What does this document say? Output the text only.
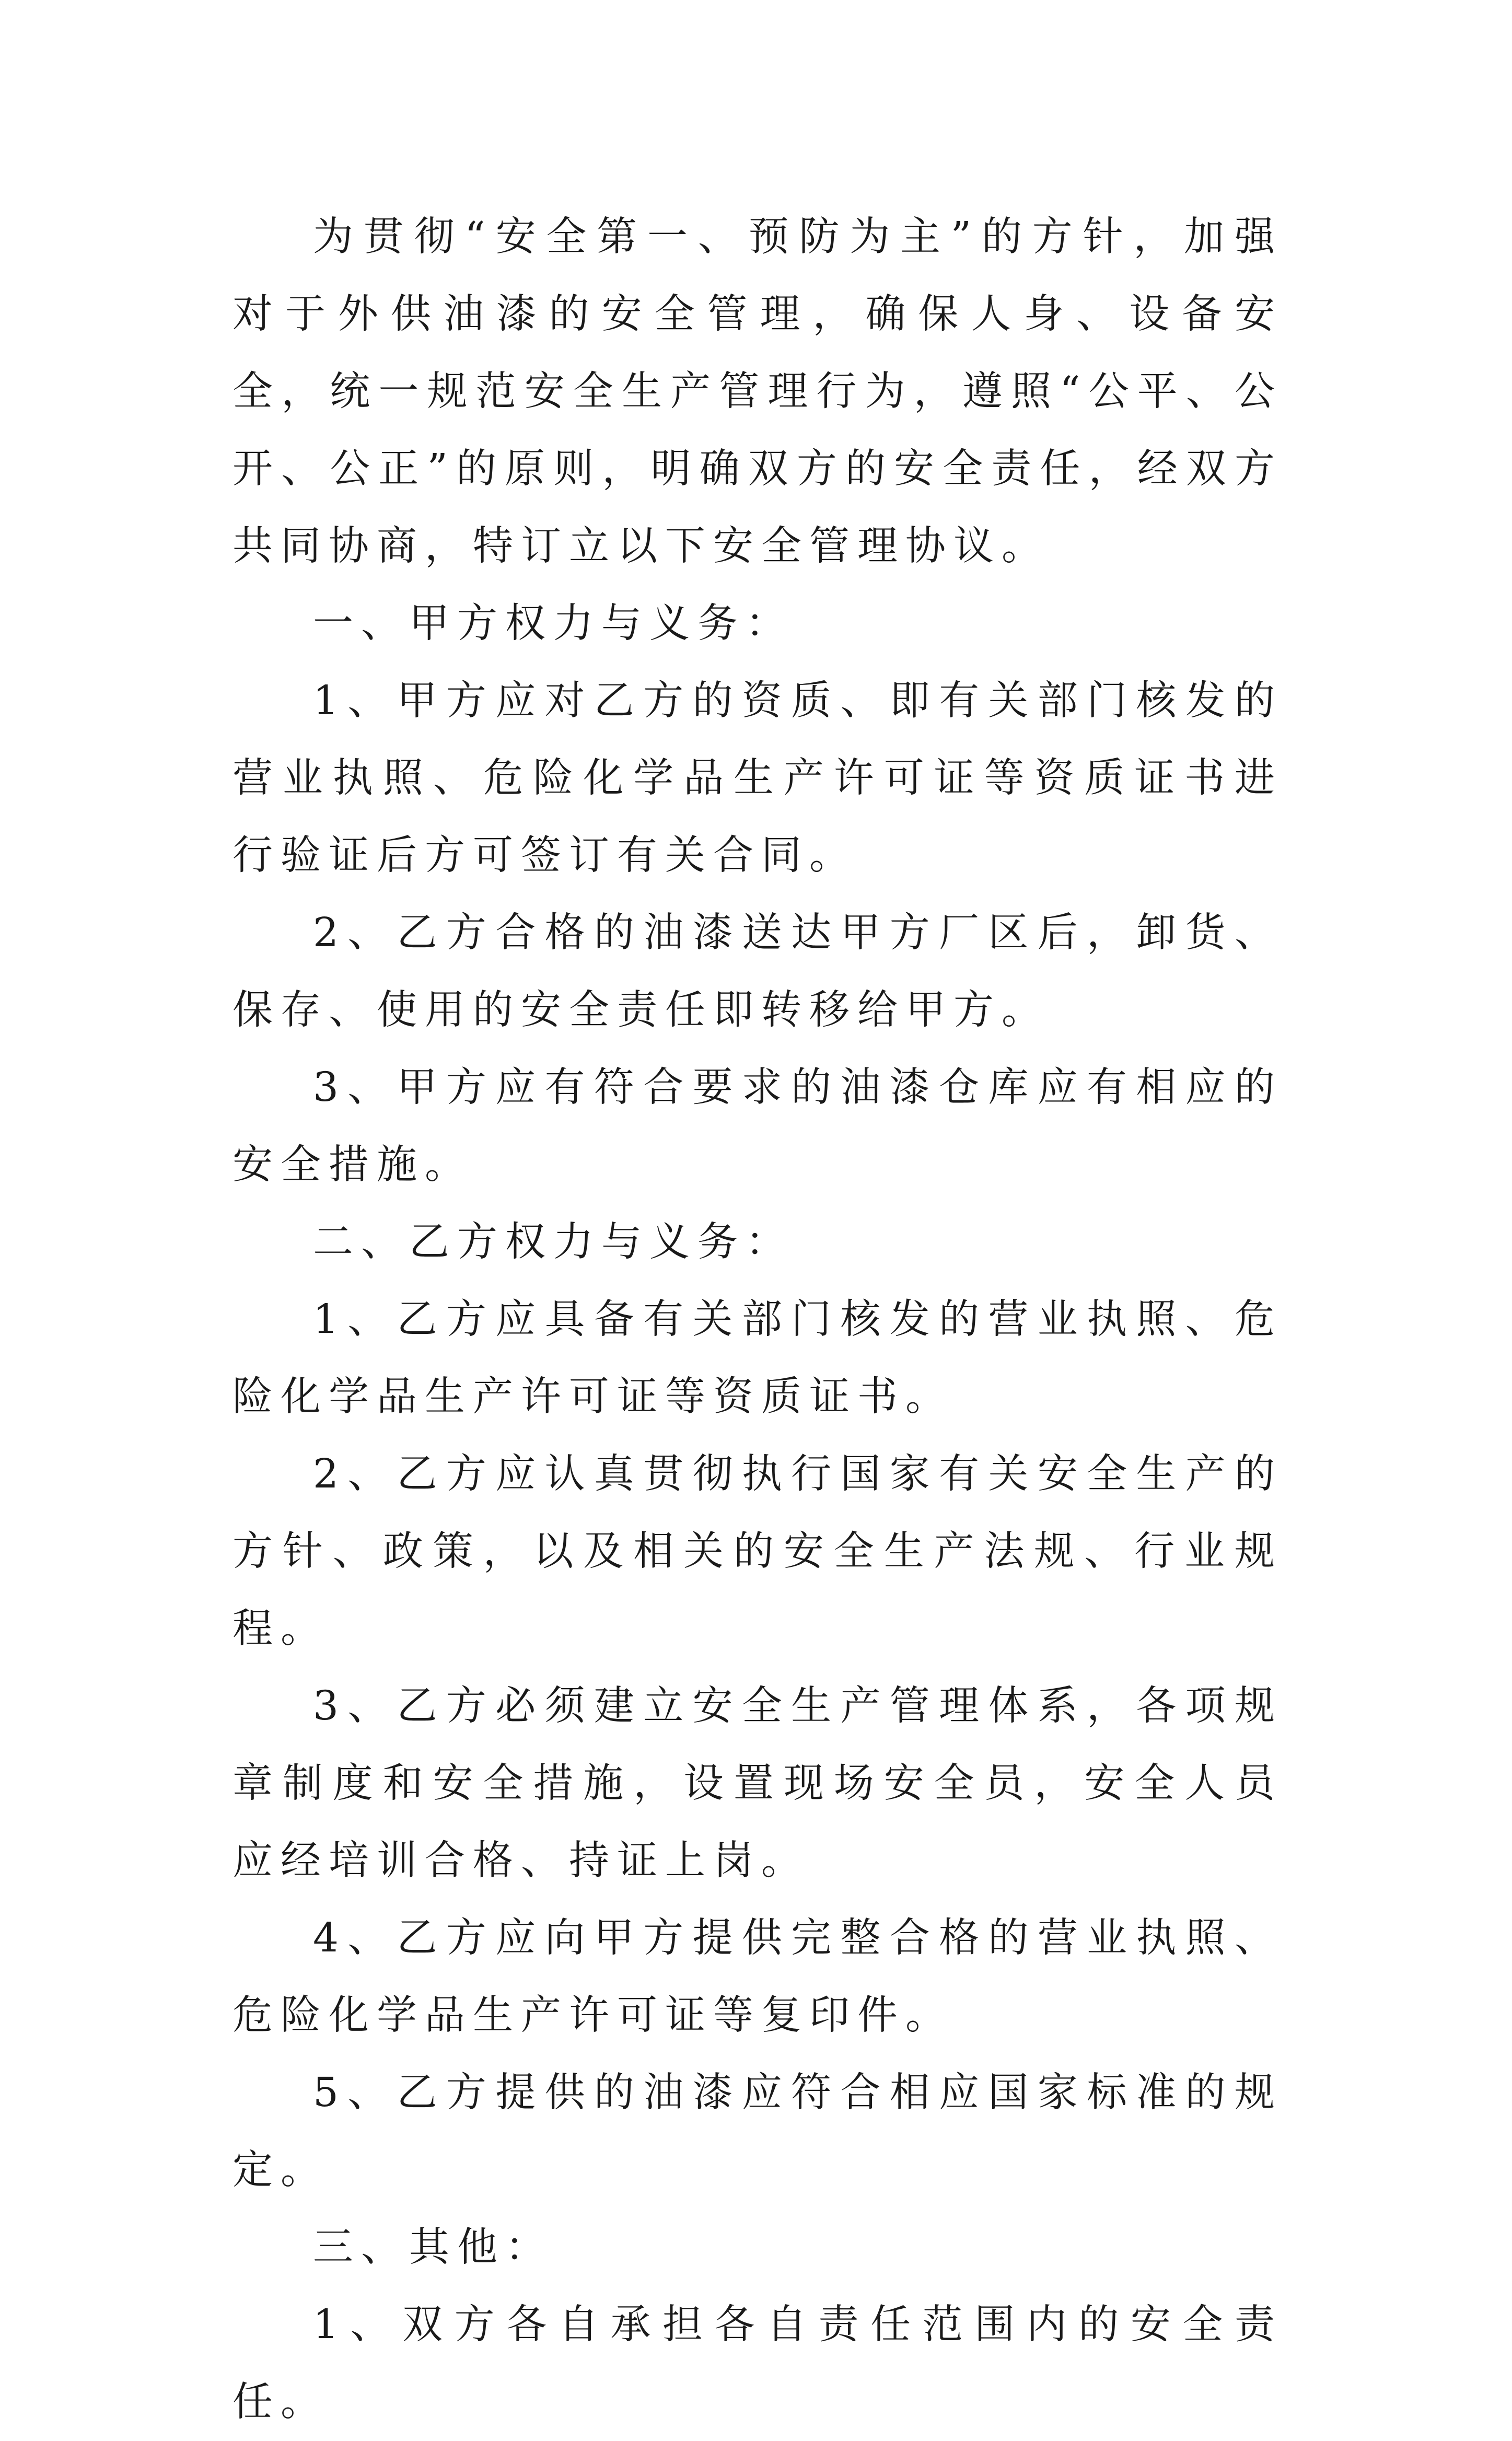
为贯彻“安全第一、预防为主”的方针，加强对于外供油漆的安全管理，确保人身、设备安全，统一规范安全生产管理行为，遵照“公平、公开、公正”的原则，明确双方的安全责任，经双方共同协商，特订立以下安全管理协议。

一、甲方权力与义务：

1、甲方应对乙方的资质、即有关部门核发的营业执照、危险化学品生产许可证等资质证书进行验证后方可签订有关合同。

2、乙方合格的油漆送达甲方厂区后，卸货、保存、使用的安全责任即转移给甲方。

3、甲方应有符合要求的油漆仓库应有相应的安全措施。

二、乙方权力与义务：

1、乙方应具备有关部门核发的营业执照、危险化学品生产许可证等资质证书。

2、乙方应认真贯彻执行国家有关安全生产的方针、政策，以及相关的安全生产法规、行业规程。

3、乙方必须建立安全生产管理体系，各项规章制度和安全措施，设置现场安全员，安全人员应经培训合格、持证上岗。

4、乙方应向甲方提供完整合格的营业执照、危险化学品生产许可证等复印件。

5、乙方提供的油漆应符合相应国家标准的规定。

三、其他：

1、双方各自承担各自责任范围内的安全责任。
